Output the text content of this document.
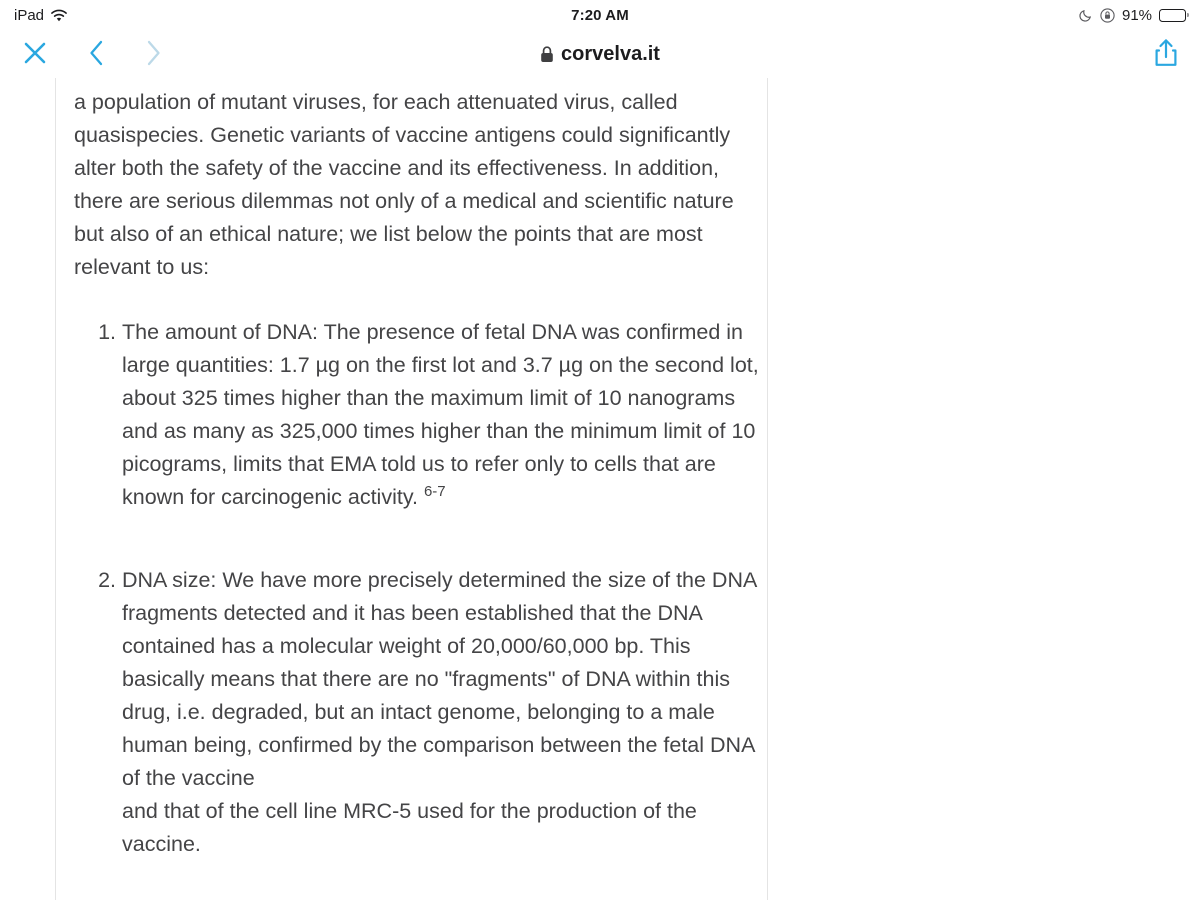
iPad	7:20 AM	91%
corvelva.it

a population of mutant viruses, for each attenuated virus, called quasispecies. Genetic variants of vaccine antigens could significantly alter both the safety of the vaccine and its effectiveness. In addition, there are serious dilemmas not only of a medical and scientific nature but also of an ethical nature; we list below the points that are most relevant to us:

1. The amount of DNA: The presence of fetal DNA was confirmed in large quantities: 1.7 µg on the first lot and 3.7 µg on the second lot, about 325 times higher than the maximum limit of 10 nanograms and as many as 325,000 times higher than the minimum limit of 10 picograms, limits that EMA told us to refer only to cells that are known for carcinogenic activity. $^{6-7}$
2. DNA size: We have more precisely determined the size of the DNA fragments detected and it has been established that the DNA contained has a molecular weight of 20,000/60,000 bp. This basically means that there are no "fragments" of DNA within this drug, i.e. degraded, but an intact genome, belonging to a male human being, confirmed by the comparison between the fetal DNA of the vaccine
and that of the cell line MRC-5 used for the production of the vaccine.
